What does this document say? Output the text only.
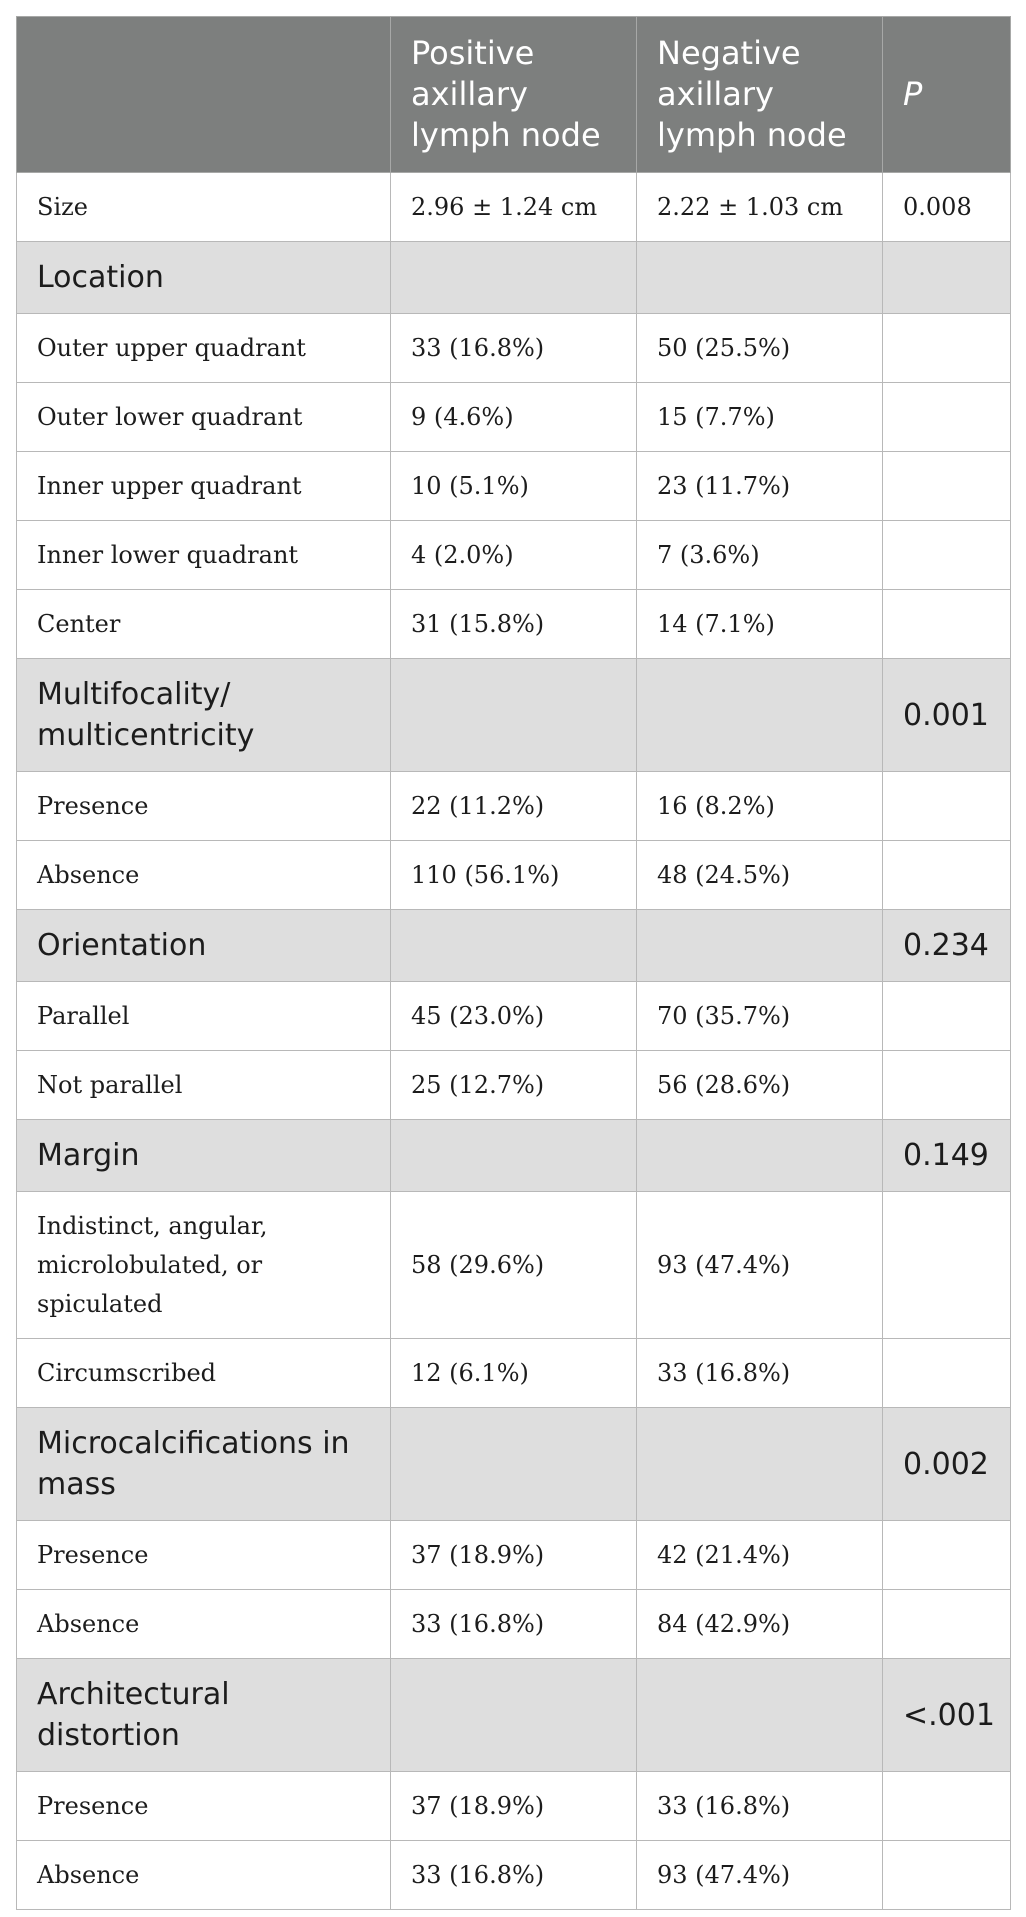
	Positive axillary lymph node	Negative axillary lymph node	P
Size	2.96 ± 1.24 cm	2.22 ± 1.03 cm	0.008
Location			
Outer upper quadrant	33 (16.8%)	50 (25.5%)	
Outer lower quadrant	9 (4.6%)	15 (7.7%)	
Inner upper quadrant	10 (5.1%)	23 (11.7%)	
Inner lower quadrant	4 (2.0%)	7 (3.6%)	
Center	31 (15.8%)	14 (7.1%)	
Multifocality/ multicentricity			0.001
Presence	22 (11.2%)	16 (8.2%)	
Absence	110 (56.1%)	48 (24.5%)	
Orientation			0.234
Parallel	45 (23.0%)	70 (35.7%)	
Not parallel	25 (12.7%)	56 (28.6%)	
Margin			0.149
Indistinct, angular, microlobulated, or spiculated	58 (29.6%)	93 (47.4%)	
Circumscribed	12 (6.1%)	33 (16.8%)	
Microcalcifications in mass			0.002
Presence	37 (18.9%)	42 (21.4%)	
Absence	33 (16.8%)	84 (42.9%)	
Architectural distortion			<.001
Presence	37 (18.9%)	33 (16.8%)	
Absence	33 (16.8%)	93 (47.4%)	
